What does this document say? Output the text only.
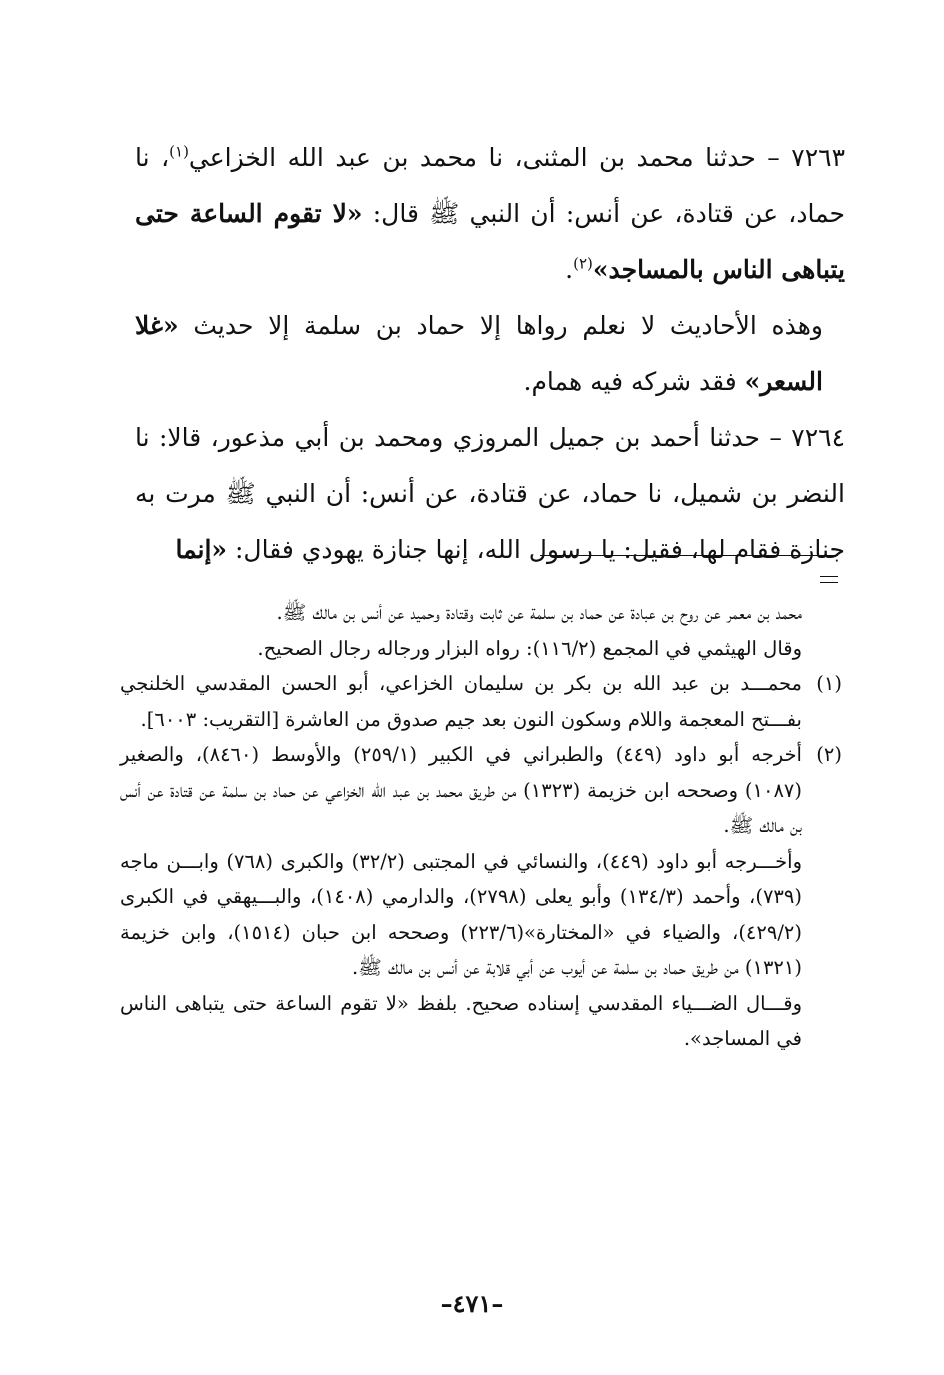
٧٢٦٣ – حدثنا محمد بن المثنى، نا محمد بن عبد الله الخزاعي$^{(١)}$، نا حماد، عن قتادة، عن أنس: أن النبي ﷺ قال: «لا تقوم الساعة حتى يتباهى الناس بالمساجد»$^{(٢)}$.

وهذه الأحاديث لا نعلم رواها إلا حماد بن سلمة إلا حديث «غلا السعر» فقد شركه فيه همام.

٧٢٦٤ – حدثنا أحمد بن جميل المروزي ومحمد بن أبي مذعور، قالا: نا النضر بن شميل، نا حماد، عن قتادة، عن أنس: أن النبي ﷺ مرت به جنازة فقام لها، فقيل: يا رسول الله، إنها جنازة يهودي فقال: «إنما

محمد بن معمر عن روح بن عبادة عن حماد بن سلمة عن ثابت وقتادة وحميد عن أنس بن مالك ﷺ.

وقال الهيثمي في المجمع (١١٦/٢): رواه البزار ورجاله رجال الصحيح.

(١)
محمـــد بن عبد الله بن بكر بن سليمان الخزاعي، أبو الحسن المقدسي الخلنجي بفـــتح المعجمة واللام وسكون النون بعد جيم صدوق من العاشرة [التقريب: ٦٠٠٣].
(٢)
أخرجه أبو داود (٤٤٩) والطبراني في الكبير (٢٥٩/١) والأوسط (٨٤٦٠)، والصغير (١٠٨٧) وصححه ابن خزيمة (١٣٢٣) من طريق محمد بن عبد الله الخزاعي عن حماد بن سلمة عن قتادة عن أنس بن مالك ﷺ.

وأخـــرجه أبو داود (٤٤٩)، والنسائي في المجتبى (٣٢/٢) والكبرى (٧٦٨) وابـــن ماجه (٧٣٩)، وأحمد (١٣٤/٣) وأبو يعلى (٢٧٩٨)، والدارمي (١٤٠٨)، والبـــيهقي في الكبرى (٤٢٩/٢)، والضياء في «المختارة»(٢٢٣/٦) وصححه ابن حبان (١٥١٤)، وابن خزيمة (١٣٢١) من طريق حماد بن سلمة عن أيوب عن أبي قلابة عن أنس بن مالك ﷺ.

وقـــال الضـــياء المقدسي إسناده صحيح. بلفظ «لا تقوم الساعة حتى يتباهى الناس في المساجد».

–٤٧١–
